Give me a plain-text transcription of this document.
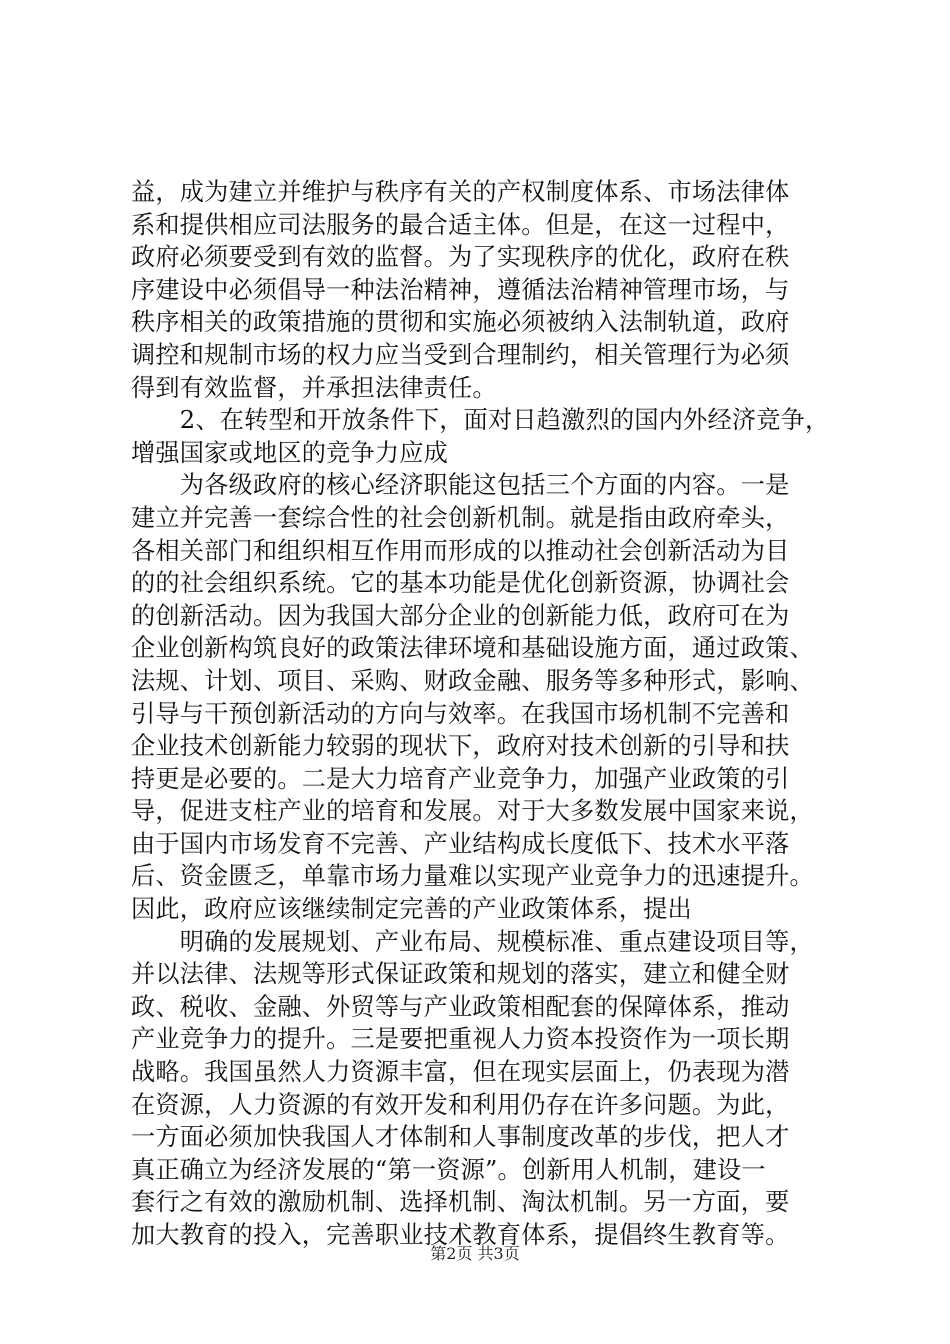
益，成为建立并维护与秩序有关的产权制度体系、市场法律体
系和提供相应司法服务的最合适主体。但是，在这一过程中，
政府必须要受到有效的监督。为了实现秩序的优化，政府在秩
序建设中必须倡导一种法治精神，遵循法治精神管理市场，与
秩序相关的政策措施的贯彻和实施必须被纳入法制轨道，政府
调控和规制市场的权力应当受到合理制约，相关管理行为必须
得到有效监督，并承担法律责任。
　　2、在转型和开放条件下，面对日趋激烈的国内外经济竞争，
增强国家或地区的竞争力应成
　　为各级政府的核心经济职能这包括三个方面的内容。一是
建立并完善一套综合性的社会创新机制。就是指由政府牵头，
各相关部门和组织相互作用而形成的以推动社会创新活动为目
的的社会组织系统。它的基本功能是优化创新资源，协调社会
的创新活动。因为我国大部分企业的创新能力低，政府可在为
企业创新构筑良好的政策法律环境和基础设施方面，通过政策、
法规、计划、项目、采购、财政金融、服务等多种形式，影响、
引导与干预创新活动的方向与效率。在我国市场机制不完善和
企业技术创新能力较弱的现状下，政府对技术创新的引导和扶
持更是必要的。二是大力培育产业竞争力，加强产业政策的引
导，促进支柱产业的培育和发展。对于大多数发展中国家来说，
由于国内市场发育不完善、产业结构成长度低下、技术水平落
后、资金匮乏，单靠市场力量难以实现产业竞争力的迅速提升。
因此，政府应该继续制定完善的产业政策体系，提出
　　明确的发展规划、产业布局、规模标准、重点建设项目等，
并以法律、法规等形式保证政策和规划的落实，建立和健全财
政、税收、金融、外贸等与产业政策相配套的保障体系，推动
产业竞争力的提升。三是要把重视人力资本投资作为一项长期
战略。我国虽然人力资源丰富，但在现实层面上，仍表现为潜
在资源，人力资源的有效开发和利用仍存在许多问题。为此，
一方面必须加快我国人才体制和人事制度改革的步伐，把人才
真正确立为经济发展的“第一资源”。创新用人机制，建设一
套行之有效的激励机制、选择机制、淘汰机制。另一方面，要
加大教育的投入，完善职业技术教育体系，提倡终生教育等。
第2页 共3页
